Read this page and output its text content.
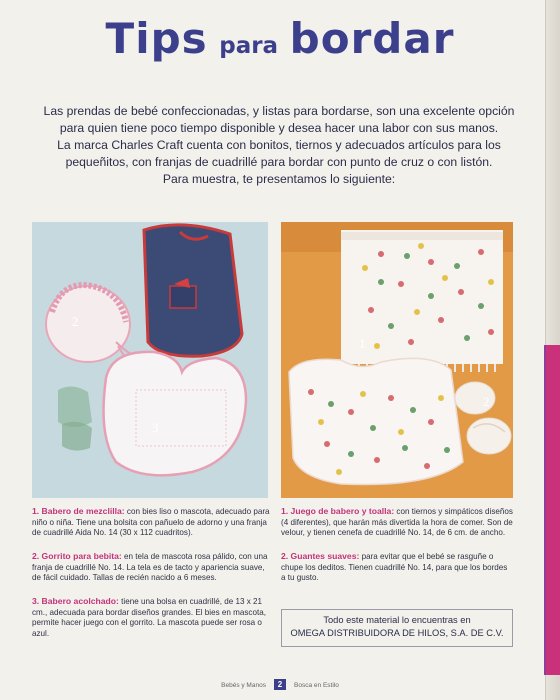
Tips para bordar
Las prendas de bebé confeccionadas, y listas para bordarse, son una excelente opción
para quien tiene poco tiempo disponible y desea hacer una labor con sus manos.
La marca Charles Craft cuenta con bonitos, tiernos y adecuados artículos para los
pequeñitos, con franjas de cuadrillé para bordar con punto de cruz o con listón.
Para muestra, te presentamos lo siguiente:
2
3
1
2
1. Babero de mezclilla: con bies liso o mascota, adecuado para niño o niña. Tiene una bolsita con pañuelo de adorno y una franja de cuadrillé Aida No. 14 (30 x 112 cuadritos).
2. Gorrito para bebita: en tela de mascota rosa pálido, con una franja de cuadrillé No. 14. La tela es de tacto y apariencia suave, de fácil cuidado. Tallas de recién nacido a 6 meses.
3. Babero acolchado: tiene una bolsa en cuadrillé, de 13 x 21 cm., adecuada para bordar diseños grandes. El bies en mascota, permite hacer juego con el gorrito. La mascota puede ser rosa o azul.
1. Juego de babero y toalla: con tiernos y simpáticos diseños (4 diferentes), que harán más divertida la hora de comer. Son de velour, y tienen cenefa de cuadrillé No. 14, de 6 cm. de ancho.
2. Guantes suaves: para evitar que el bebé se rasguñe o chupe los deditos. Tienen cuadrillé No. 14, para que los bordes a tu gusto.
Todo este material lo encuentras en
OMEGA DISTRIBUIDORA DE HILOS, S.A. DE C.V.
Bebés y Manos 2 Bosca en Estilo
